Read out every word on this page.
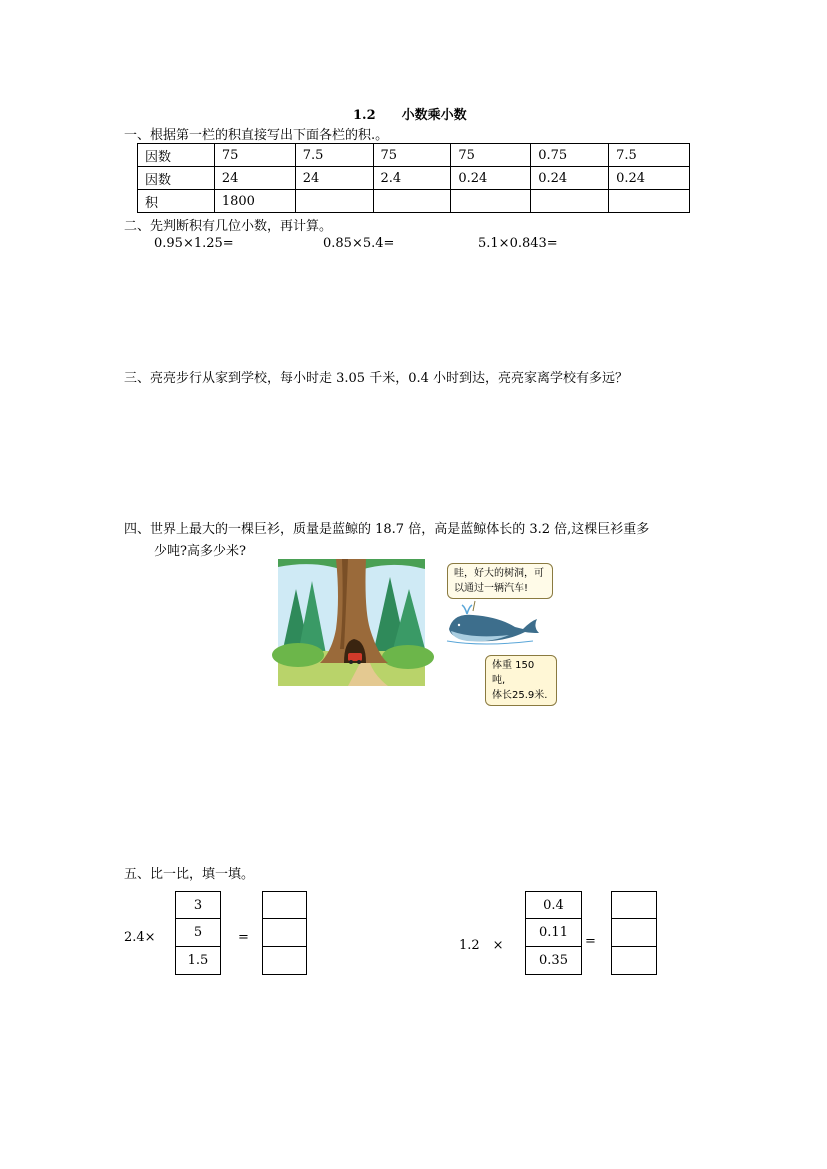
1.2　　小数乘小数
一、根据第一栏的积直接写出下面各栏的积.。
因数	75	7.5	75	75	0.75	7.5
因数	24	24	2.4	0.24	0.24	0.24
积	1800					
二、先判断积有几位小数，再计算。
0.95×1.25=	0.85×5.4=	5.1×0.843=
三、亮亮步行从家到学校，每小时走 3.05 千米，0.4 小时到达，亮亮家离学校有多远？
四、世界上最大的一棵巨衫，质量是蓝鲸的 18.7 倍，高是蓝鲸体长的 3.2 倍,这棵巨衫重多
少吨?高多少米?
哇，好大的树洞，可
以通过一辆汽车!
体重 150 吨,
体长25.9米.
五、比一比，填一填。
2.4×
3
5
1.5
=
1.2　×
0.4
0.11
0.35
=
